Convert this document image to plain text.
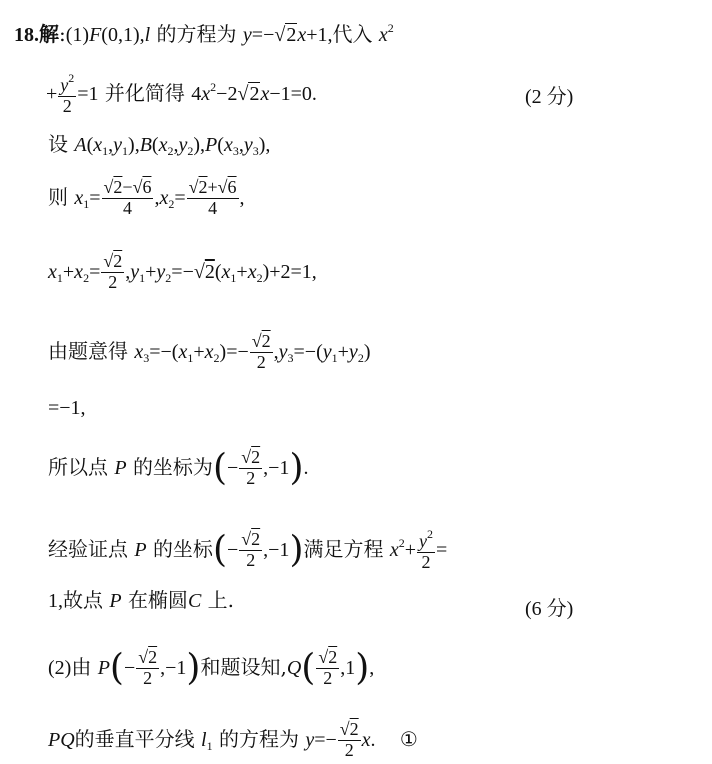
18.解:(1)F(0,1),l 的方程为 y=−√2x+1,代入 $x^2$
+ $\frac{y^2}{2} =1$ 并化简得 $4x^2-2√2x-1=0$.	(2 分)
设 $A(x_1,y_1),B(x_2,y_2),P(x_3,y_3)$,
则 $x_1= \frac{√2-√6}{4} ,x_2= \frac{√2+√6}{4}$ ,
$x_1+x_2= \frac{√2}{2} ,y_1+y_2=-√2(x_1+x_2)+2=1$,
由题意得 $x_3=-(x_1+x_2)=- \frac{√2}{2} ,y_3=-(y_1+y_2)$
=−1,
所以点 P 的坐标为(− $\frac{√2}{2} ,-1$).
经验证点 P 的坐标(− $\frac{√2}{2} ,-1$)满足方程 $x^2+ \frac{y^2}{2}$ =
1,故点 P 在椭圆C 上.	(6 分)
(2)由 $P(- \frac{√2}{2} ,-1)$和题设知$,Q( \frac{√2}{2} ,1)$,
PQ的垂直平分线 $l_1$ 的方程为 $y=- \frac{√2}{2} x$. ①
